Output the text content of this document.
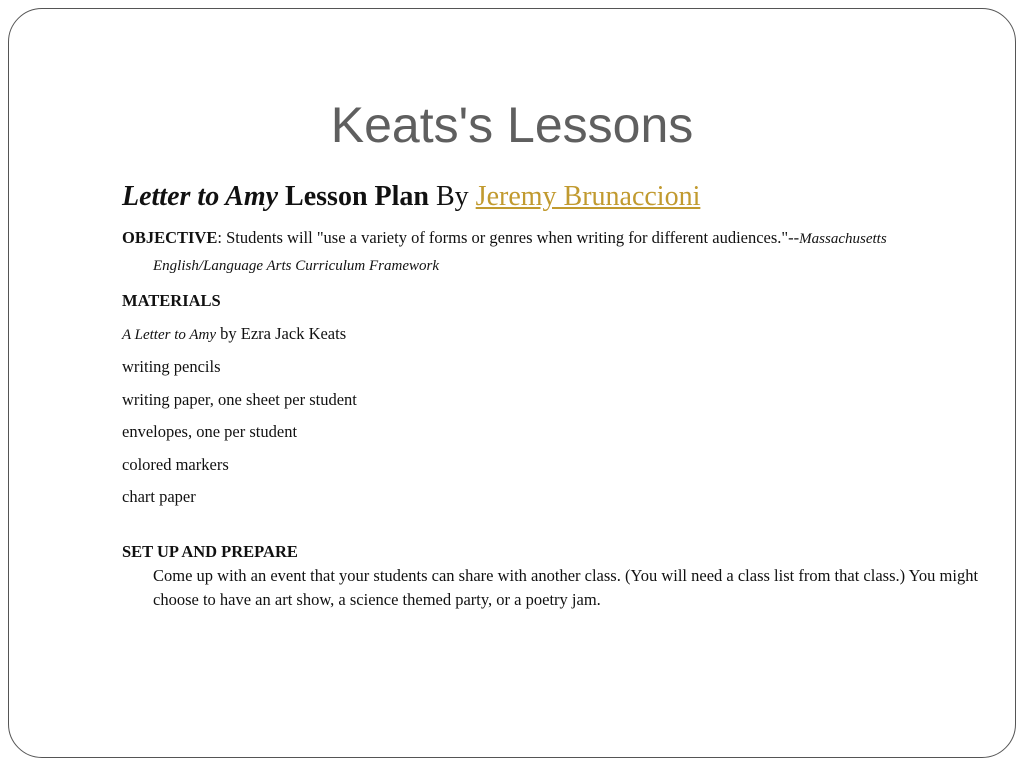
Keats's Lessons

Letter to Amy Lesson Plan By Jeremy Brunaccioni

OBJECTIVE: Students will "use a variety of forms or genres when writing for different audiences."--Massachusetts English/Language Arts Curriculum Framework

MATERIALS

A Letter to Amy by Ezra Jack Keats

writing pencils

writing paper, one sheet per student

envelopes, one per student

colored markers

chart paper

SET UP AND PREPARE

Come up with an event that your students can share with another class. (You will need a class list from that class.) You might choose to have an art show, a science themed party, or a poetry jam.
